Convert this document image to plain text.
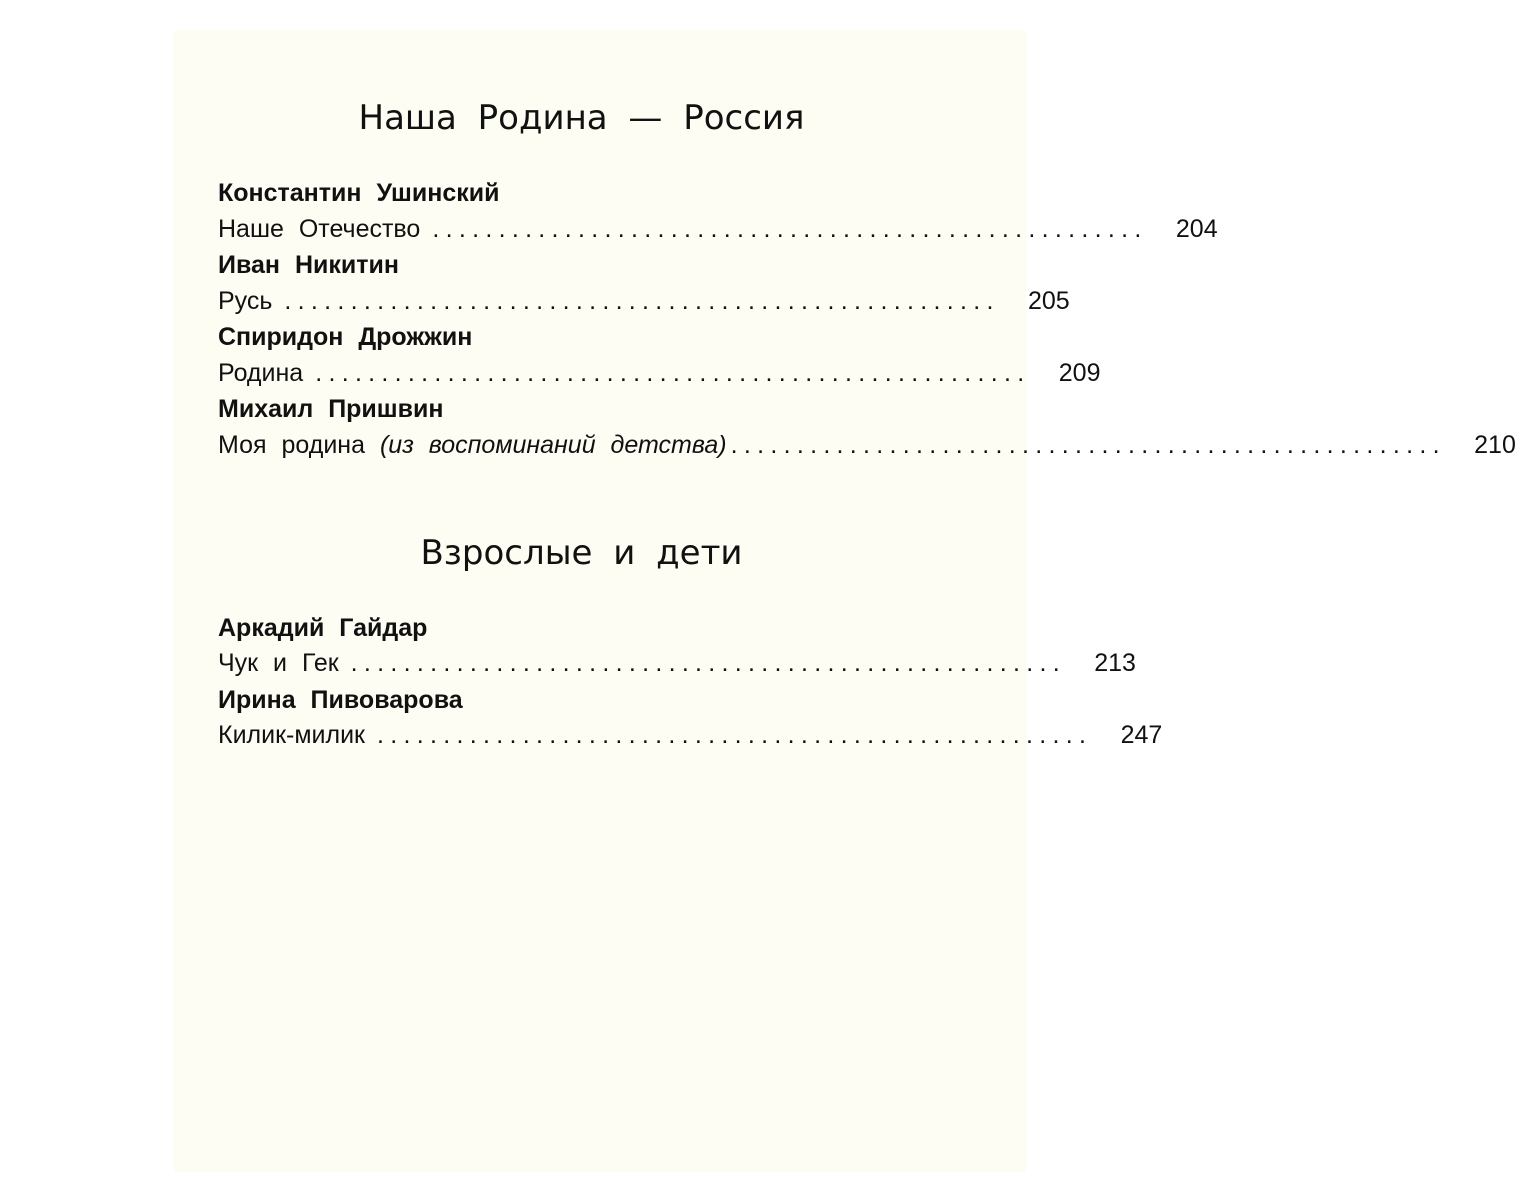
Наша Родина — Россия
Константин Ушинский
Наше Отечество ......................................................	204
Иван Никитин
Русь ......................................................	205
Спиридон Дрожжин
Родина ......................................................	209
Михаил Пришвин
Моя родина (из воспоминаний детства) ......................................................	210
Взрослые и дети
Аркадий Гайдар
Чук и Гек ......................................................	213
Ирина Пивоварова
Килик-милик ......................................................	247
